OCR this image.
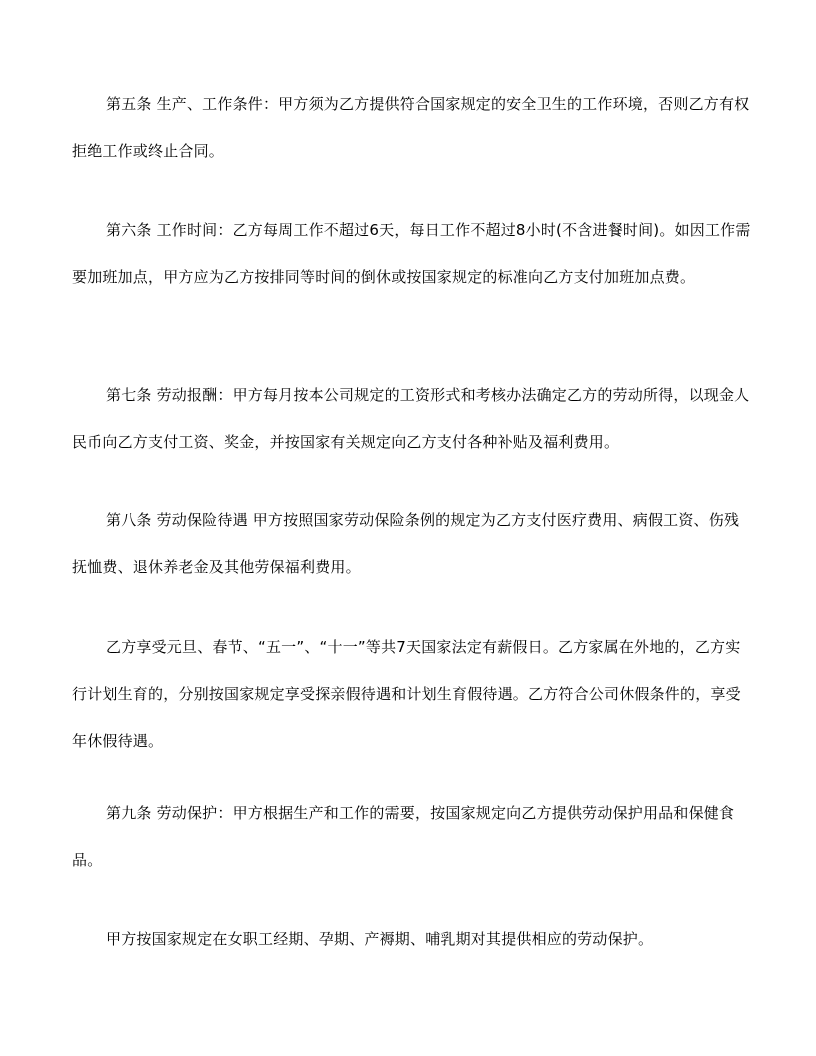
第五条 生产、工作条件：甲方须为乙方提供符合国家规定的安全卫生的工作环境，否则乙方有权拒绝工作或终止合同。

第六条 工作时间：乙方每周工作不超过6天，每日工作不超过8小时(不含进餐时间)。如因工作需要加班加点，甲方应为乙方按排同等时间的倒休或按国家规定的标准向乙方支付加班加点费。

第七条 劳动报酬：甲方每月按本公司规定的工资形式和考核办法确定乙方的劳动所得，以现金人民币向乙方支付工资、奖金，并按国家有关规定向乙方支付各种补贴及福利费用。

第八条 劳动保险待遇 甲方按照国家劳动保险条例的规定为乙方支付医疗费用、病假工资、伤残抚恤费、退休养老金及其他劳保福利费用。

乙方享受元旦、春节、“五一”、“十一”等共7天国家法定有薪假日。乙方家属在外地的，乙方实行计划生育的，分别按国家规定享受探亲假待遇和计划生育假待遇。乙方符合公司休假条件的，享受年休假待遇。

第九条 劳动保护：甲方根据生产和工作的需要，按国家规定向乙方提供劳动保护用品和保健食品。

甲方按国家规定在女职工经期、孕期、产褥期、哺乳期对其提供相应的劳动保护。
